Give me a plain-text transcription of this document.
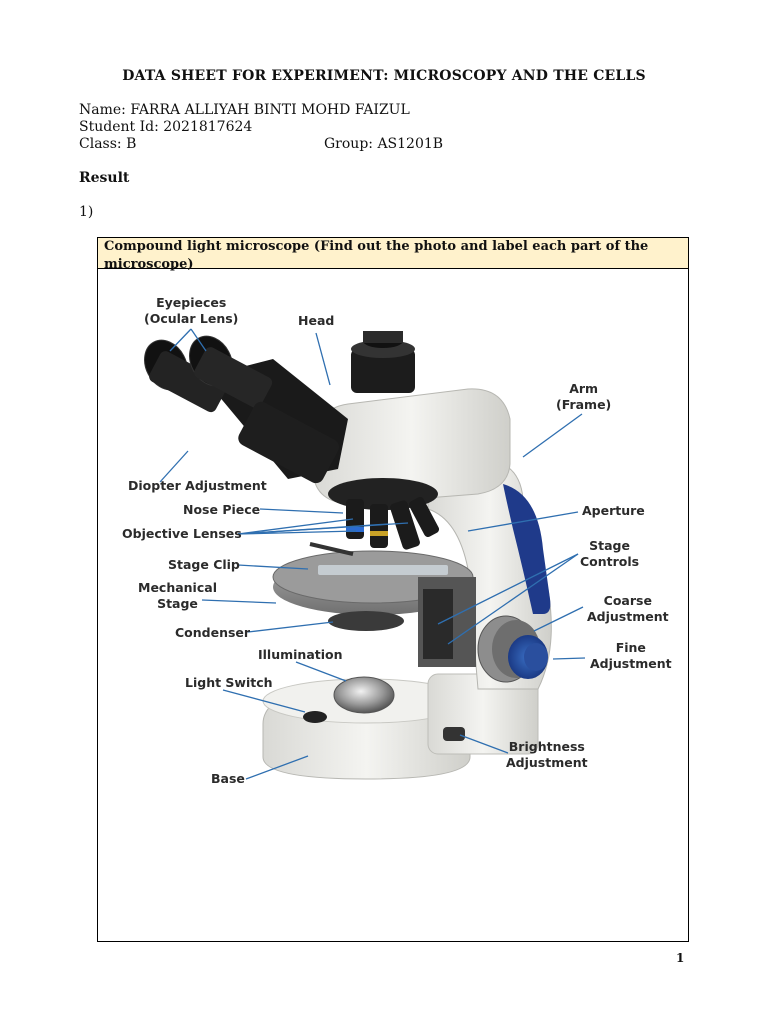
DATA SHEET FOR EXPERIMENT: MICROSCOPY AND THE CELLS
Name: FARRA ALLIYAH BINTI MOHD FAIZUL
Student Id: 2021817624
Class: B	Group: AS1201B
Result
1)
Compound light microscope (Find out the photo and label each part of the microscope)
Eyepieces
(Ocular Lens)	Head
Arm
(Frame)
Diopter Adjustment
Nose Piece
Objective Lenses
Aperture
Stage
Controls
Stage Clip
Mechanical
Stage	Coarse
Adjustment
Condenser
Fine
Adjustment
Illumination
Light Switch
Brightness
Adjustment
Base
1
